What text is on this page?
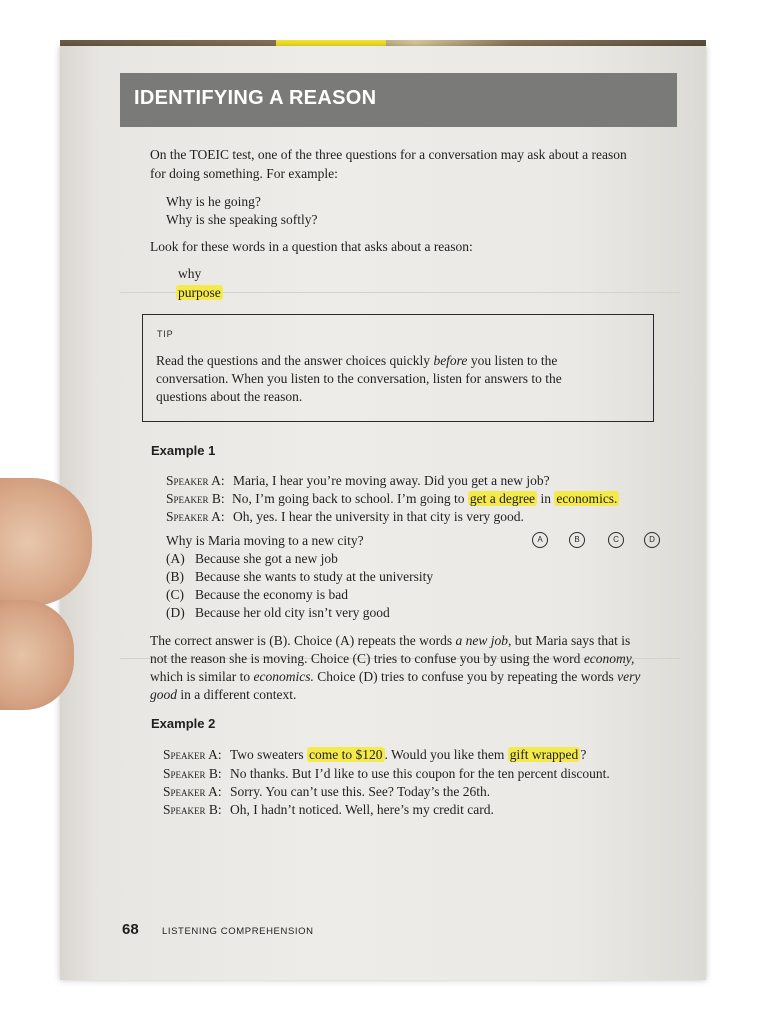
IDENTIFYING A REASON
On the TOEIC test, one of the three questions for a conversation may ask about a reason
for doing something. For example:
Why is he going?
Why is she speaking softly?
Look for these words in a question that asks about a reason:
why
purpose
TIP
Read the questions and the answer choices quickly before you listen to the
conversation. When you listen to the conversation, listen for answers to the
questions about the reason.
Example 1
Speaker A: Maria, I hear you’re moving away. Did you get a new job?
Speaker B: No, I’m going back to school. I’m going to get a degree in economics.
Speaker A: Oh, yes. I hear the university in that city is very good.
Why is Maria moving to a new city?	A	B	C	D
(A) Because she got a new job
(B) Because she wants to study at the university
(C) Because the economy is bad
(D) Because her old city isn’t very good
The correct answer is (B). Choice (A) repeats the words a new job, but Maria says that is
not the reason she is moving. Choice (C) tries to confuse you by using the word economy,
which is similar to economics. Choice (D) tries to confuse you by repeating the words very
good in a different context.
Example 2
Speaker A: Two sweaters come to $120 . Would you like them gift wrapped ?
Speaker B: No thanks. But I’d like to use this coupon for the ten percent discount.
Speaker A: Sorry. You can’t use this. See? Today’s the 26th.
Speaker B: Oh, I hadn’t noticed. Well, here’s my credit card.
68 LISTENING COMPREHENSION
